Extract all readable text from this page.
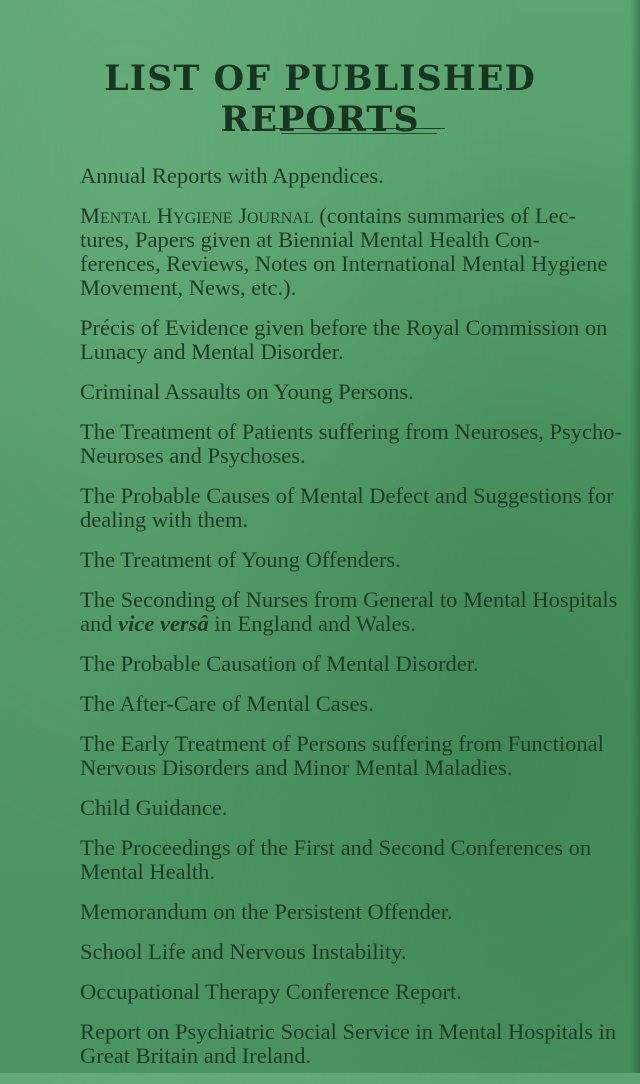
LIST OF PUBLISHED REPORTS
Annual Reports with Appendices.
Mental Hygiene Journal (contains summaries of Lec-
tures, Papers given at Biennial Mental Health Con-
ferences, Reviews, Notes on International Mental Hygiene
Movement, News, etc.).
Précis of Evidence given before the Royal Commission on
Lunacy and Mental Disorder.
Criminal Assaults on Young Persons.
The Treatment of Patients suffering from Neuroses, Psycho-
Neuroses and Psychoses.
The Probable Causes of Mental Defect and Suggestions for
dealing with them.
The Treatment of Young Offenders.
The Seconding of Nurses from General to Mental Hospitals
and vice versâ in England and Wales.
The Probable Causation of Mental Disorder.
The After-Care of Mental Cases.
The Early Treatment of Persons suffering from Functional
Nervous Disorders and Minor Mental Maladies.
Child Guidance.
The Proceedings of the First and Second Conferences on
Mental Health.
Memorandum on the Persistent Offender.
School Life and Nervous Instability.
Occupational Therapy Conference Report.
Report on Psychiatric Social Service in Mental Hospitals in
Great Britain and Ireland.
